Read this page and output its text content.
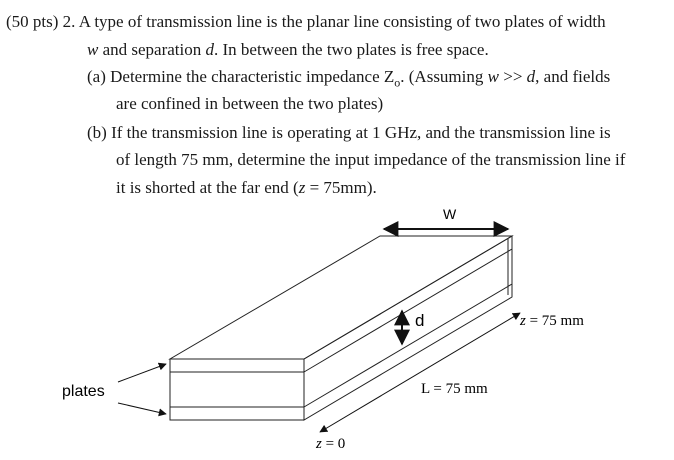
(50 pts) 2. A type of transmission line is the planar line consisting of two plates of width
w and separation d. In between the two plates is free space.
(a) Determine the characteristic impedance $Z_o$. (Assuming w >> d, and fields
are confined in between the two plates)
(b) If the transmission line is operating at 1 GHz, and the transmission line is
of length 75 mm, determine the input impedance of the transmission line if
it is shorted at the far end (z = 75mm).
W
d
L = 75 mm
z = 75 mm
z = 0
plates
